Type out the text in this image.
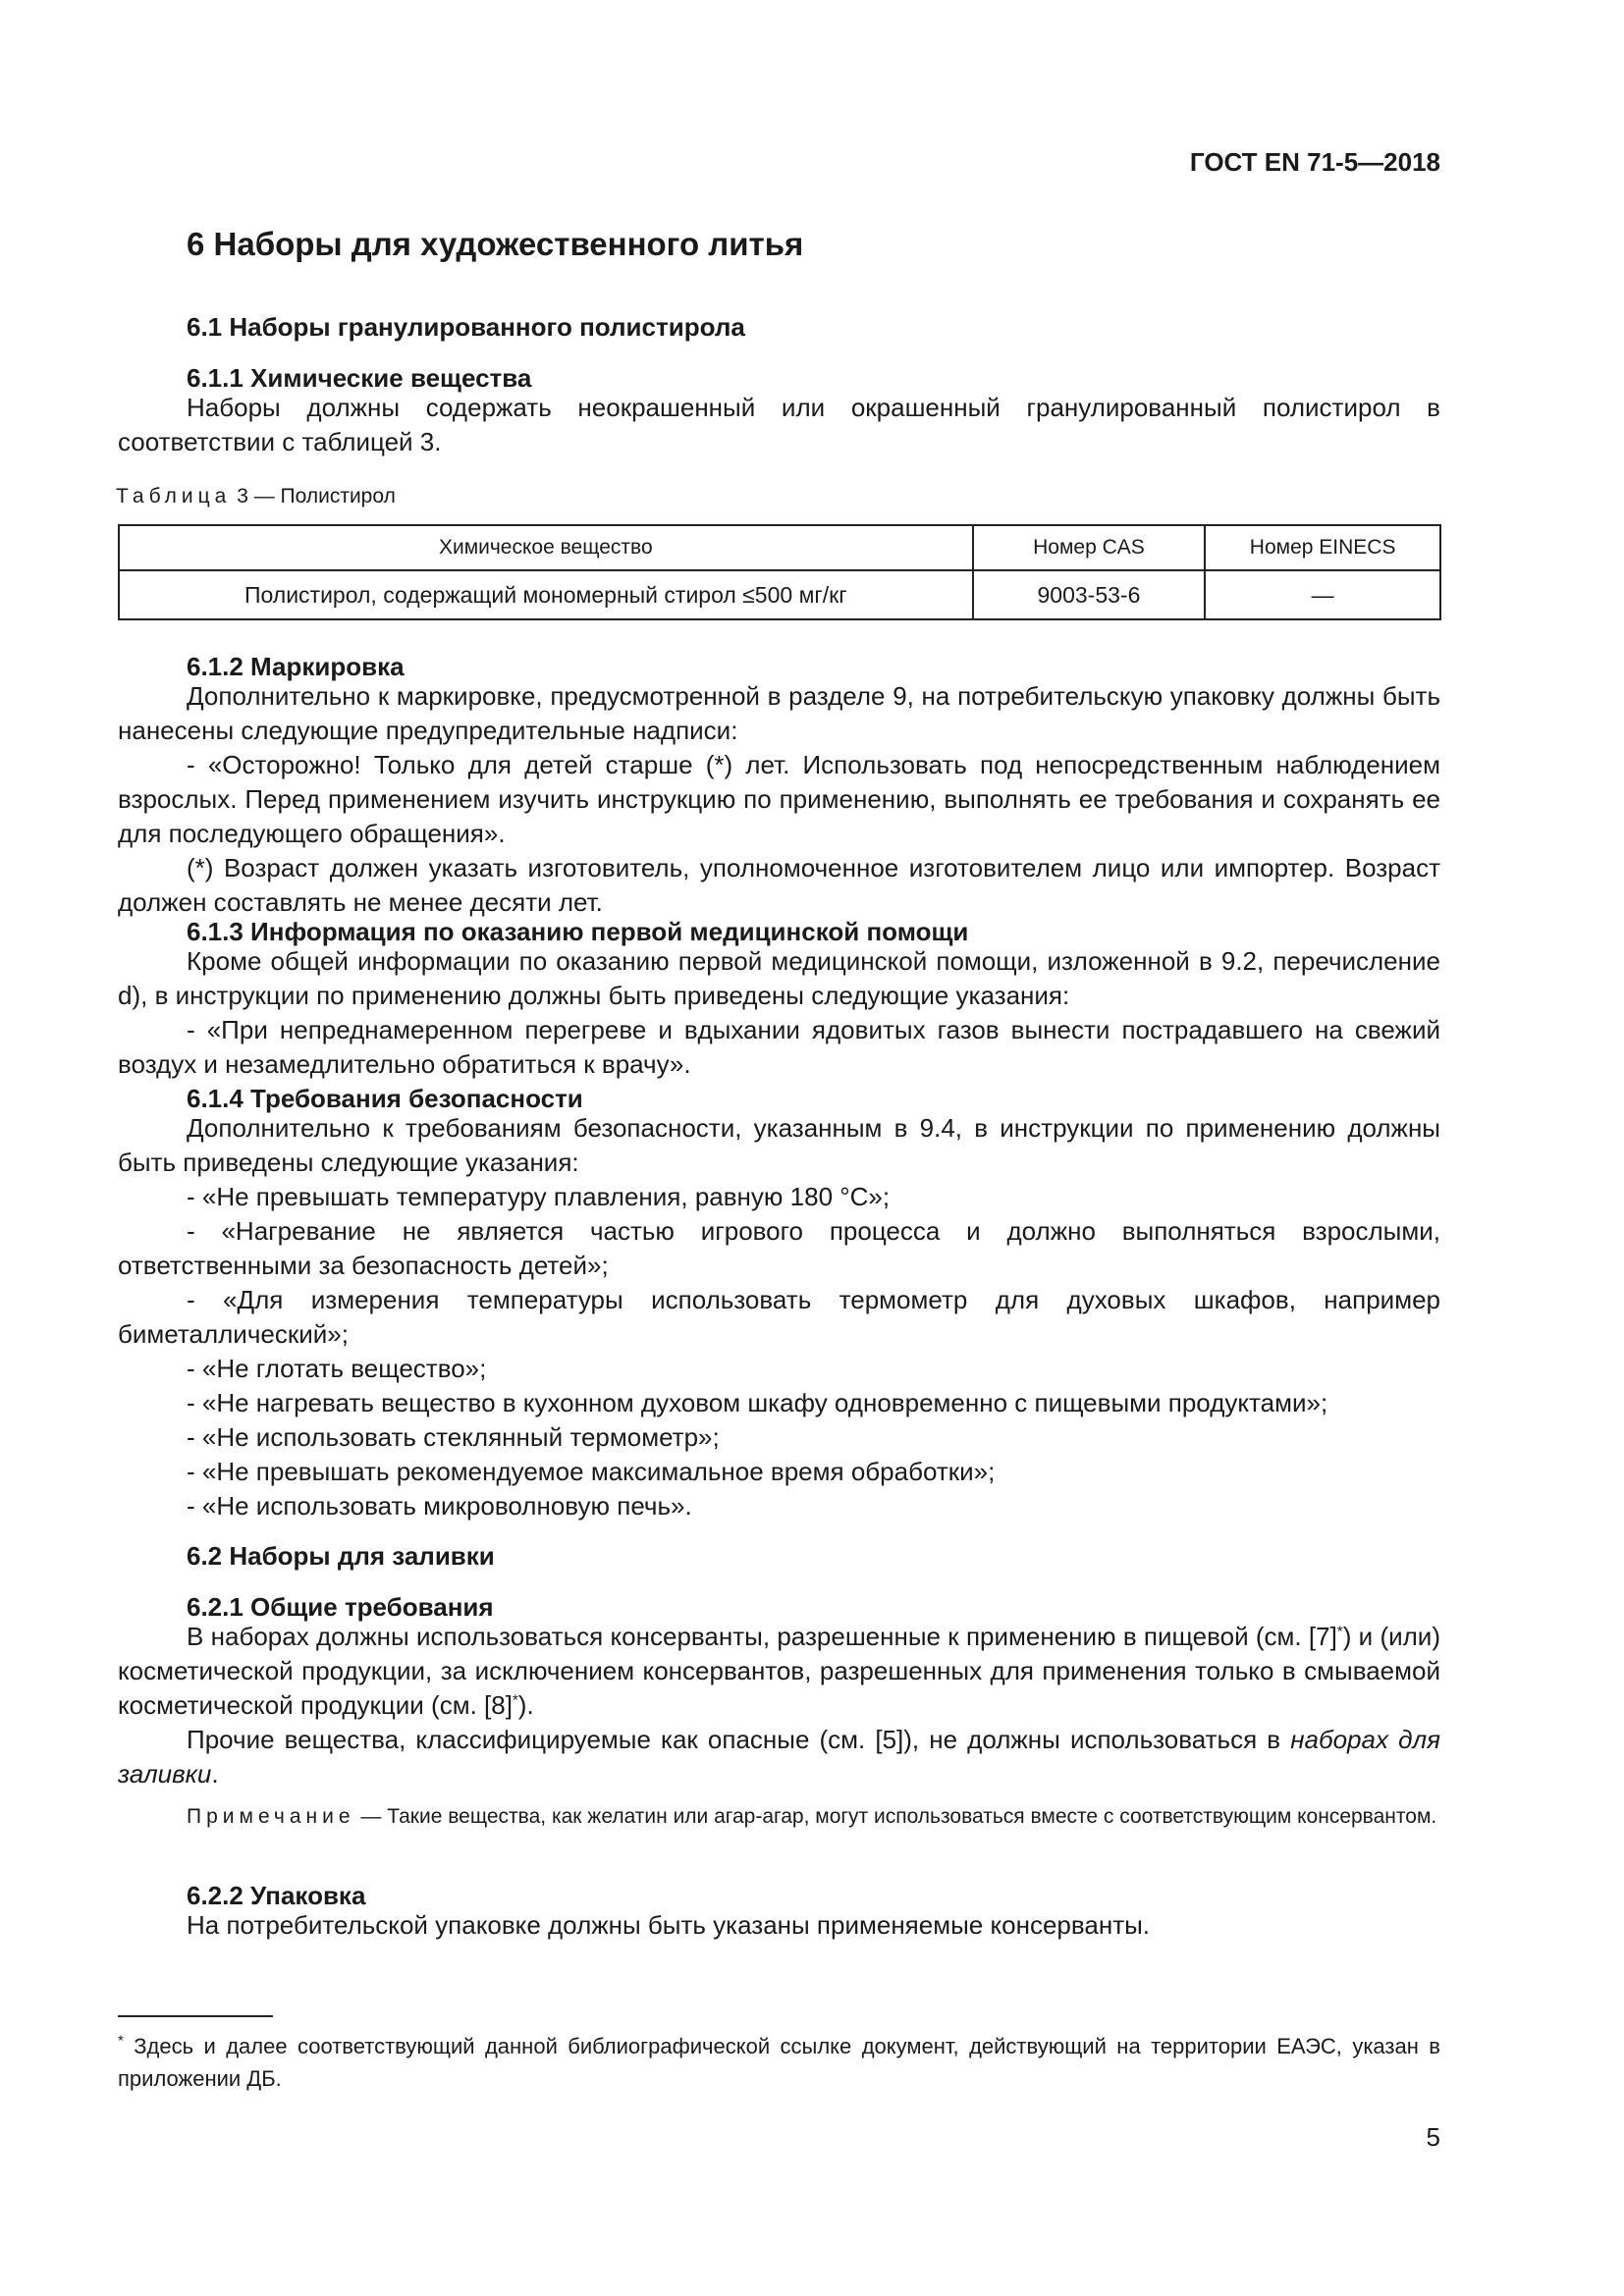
ГОСТ EN 71-5—2018
6 Наборы для художественного литья
6.1 Наборы гранулированного полистирола
6.1.1 Химические вещества

Наборы должны содержать неокрашенный или окрашенный гранулированный полистирол в соответствии с таблицей 3.

Таблица 3 — Полистирол
Химическое вещество	Номер CAS	Номер EINECS
Полистирол, содержащий мономерный стирол ≤500 мг/кг	9003-53-6	—
6.1.2 Маркировка

Дополнительно к маркировке, предусмотренной в разделе 9, на потребительскую упаковку должны быть нанесены следующие предупредительные надписи:

- «Осторожно! Только для детей старше (*) лет. Использовать под непосредственным наблюдением взрослых. Перед применением изучить инструкцию по применению, выполнять ее требования и сохранять ее для последующего обращения».

(*) Возраст должен указать изготовитель, уполномоченное изготовителем лицо или импортер. Возраст должен составлять не менее десяти лет.

6.1.3 Информация по оказанию первой медицинской помощи

Кроме общей информации по оказанию первой медицинской помощи, изложенной в 9.2, перечисление d), в инструкции по применению должны быть приведены следующие указания:

- «При непреднамеренном перегреве и вдыхании ядовитых газов вынести пострадавшего на свежий воздух и незамедлительно обратиться к врачу».

6.1.4 Требования безопасности

Дополнительно к требованиям безопасности, указанным в 9.4, в инструкции по применению должны быть приведены следующие указания:

- «Не превышать температуру плавления, равную 180 °C»;

- «Нагревание не является частью игрового процесса и должно выполняться взрослыми, ответственными за безопасность детей»;

- «Для измерения температуры использовать термометр для духовых шкафов, например биметаллический»;

- «Не глотать вещество»;

- «Не нагревать вещество в кухонном духовом шкафу одновременно с пищевыми продуктами»;

- «Не использовать стеклянный термометр»;

- «Не превышать рекомендуемое максимальное время обработки»;

- «Не использовать микроволновую печь».

6.2 Наборы для заливки
6.2.1 Общие требования

В наборах должны использоваться консерванты, разрешенные к применению в пищевой (см. [7]*) и (или) косметической продукции, за исключением консервантов, разрешенных для применения только в смываемой косметической продукции (см. [8]*).

Прочие вещества, классифицируемые как опасные (см. [5]), не должны использоваться в наборах для заливки.

Примечание — Такие вещества, как желатин или агар-агар, могут использоваться вместе с соответствующим консервантом.

6.2.2 Упаковка

На потребительской упаковке должны быть указаны применяемые консерванты.

* Здесь и далее соответствующий данной библиографической ссылке документ, действующий на территории ЕАЭС, указан в приложении ДБ.

5
